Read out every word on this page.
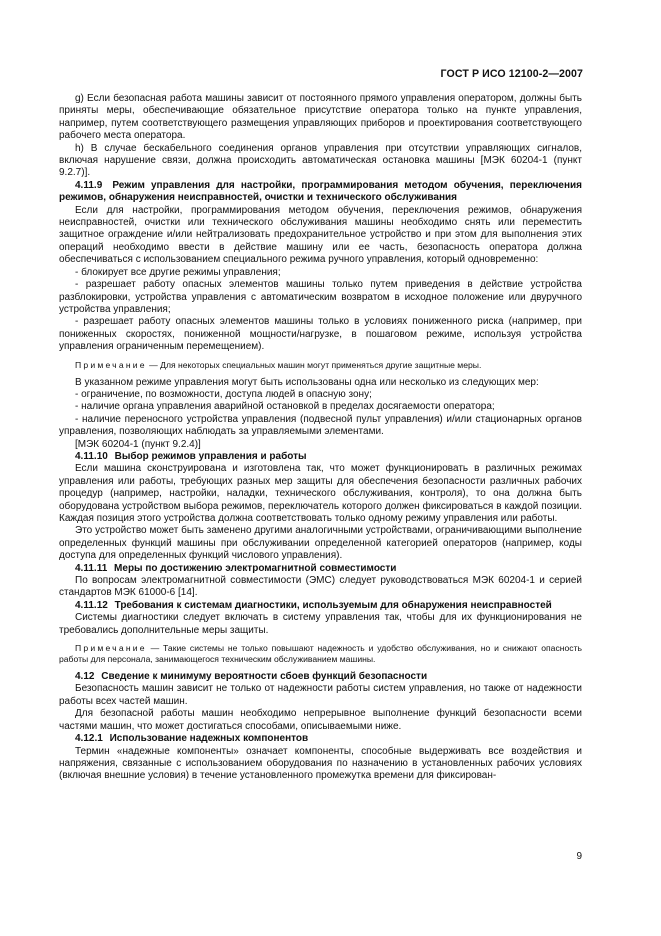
ГОСТ Р ИСО 12100-2—2007

g) Если безопасная работа машины зависит от постоянного прямого управления оператором, должны быть приняты меры, обеспечивающие обязательное присутствие оператора только на пункте управления, например, путем соответствующего размещения управляющих приборов и проектирования соответствующего рабочего места оператора.

h) В случае бескабельного соединения органов управления при отсутствии управляющих сигналов, включая нарушение связи, должна происходить автоматическая остановка машины [МЭК 60204-1 (пункт 9.2.7)].

4.11.9 Режим управления для настройки, программирования методом обучения, переключения режимов, обнаружения неисправностей, очистки и технического обслуживания

Если для настройки, программирования методом обучения, переключения режимов, обнаружения неисправностей, очистки или технического обслуживания машины необходимо снять или переместить защитное ограждение и/или нейтрализовать предохранительное устройство и при этом для выполнения этих операций необходимо ввести в действие машину или ее часть, безопасность оператора должна обеспечиваться с использованием специального режима ручного управления, который одновременно:

- блокирует все другие режимы управления;

- разрешает работу опасных элементов машины только путем приведения в действие устройства разблокировки, устройства управления с автоматическим возвратом в исходное положение или двуручного устройства управления;

- разрешает работу опасных элементов машины только в условиях пониженного риска (например, при пониженных скоростях, пониженной мощности/нагрузке, в пошаговом режиме, используя устройства управления ограниченным перемещением).

Примечание — Для некоторых специальных машин могут применяться другие защитные меры.

В указанном режиме управления могут быть использованы одна или несколько из следующих мер:

- ограничение, по возможности, доступа людей в опасную зону;

- наличие органа управления аварийной остановкой в пределах досягаемости оператора;

- наличие переносного устройства управления (подвесной пульт управления) и/или стационарных органов управления, позволяющих наблюдать за управляемыми элементами.

[МЭК 60204-1 (пункт 9.2.4)]

4.11.10 Выбор режимов управления и работы

Если машина сконструирована и изготовлена так, что может функционировать в различных режимах управления или работы, требующих разных мер защиты для обеспечения безопасности различных рабочих процедур (например, настройки, наладки, технического обслуживания, контроля), то она должна быть оборудована устройством выбора режимов, переключатель которого должен фиксироваться в каждой позиции. Каждая позиция этого устройства должна соответствовать только одному режиму управления или работы.

Это устройство может быть заменено другими аналогичными устройствами, ограничивающими выполнение определенных функций машины при обслуживании определенной категорией операторов (например, коды доступа для определенных функций числового управления).

4.11.11 Меры по достижению электромагнитной совместимости

По вопросам электромагнитной совместимости (ЭМС) следует руководствоваться МЭК 60204-1 и серией стандартов МЭК 61000-6 [14].

4.11.12 Требования к системам диагностики, используемым для обнаружения неисправностей

Системы диагностики следует включать в систему управления так, чтобы для их функционирования не требовались дополнительные меры защиты.

Примечание — Такие системы не только повышают надежность и удобство обслуживания, но и снижают опасность работы для персонала, занимающегося техническим обслуживанием машины.

4.12 Сведение к минимуму вероятности сбоев функций безопасности

Безопасность машин зависит не только от надежности работы систем управления, но также от надежности работы всех частей машин.

Для безопасной работы машин необходимо непрерывное выполнение функций безопасности всеми частями машин, что может достигаться способами, описываемыми ниже.

4.12.1 Использование надежных компонентов

Термин «надежные компоненты» означает компоненты, способные выдерживать все воздействия и напряжения, связанные с использованием оборудования по назначению в установленных рабочих условиях (включая внешние условия) в течение установленного промежутка времени для фиксирован-

9
